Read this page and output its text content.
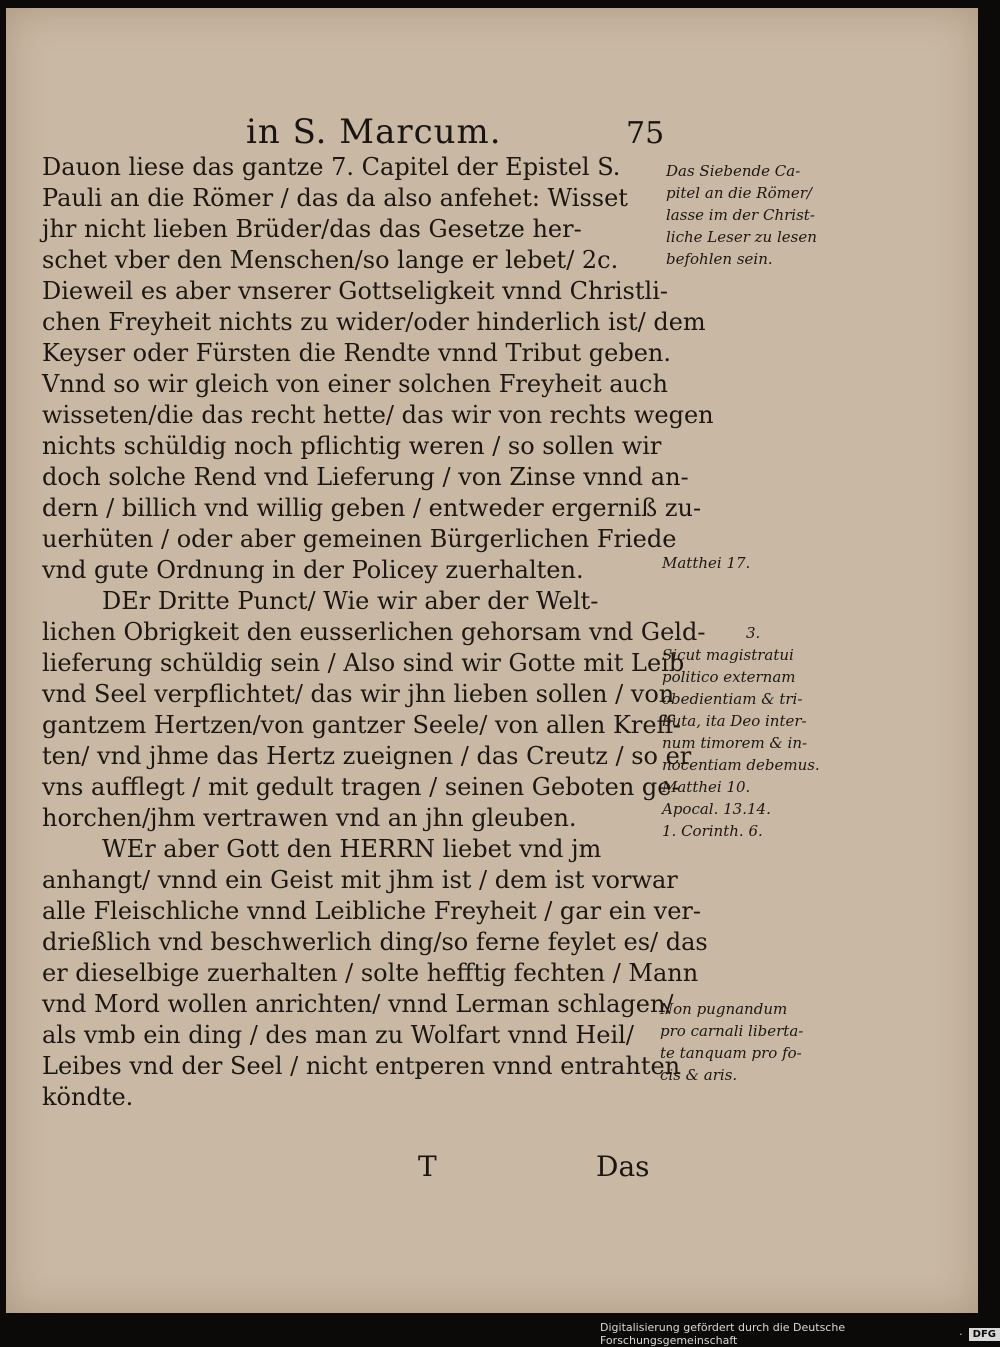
in S. Marcum.	75
Dauon liese das gantze 7. Capitel der Epistel S.
Pauli an die Römer / das da also anfehet: Wisset
jhr nicht lieben Brüder/das das Gesetze her-
schet vber den Menschen/so lange er lebet/ 2c.
Dieweil es aber vnserer Gottseligkeit vnnd Christli-
chen Freyheit nichts zu wider/oder hinderlich ist/ dem
Keyser oder Fürsten die Rendte vnnd Tribut geben.
Vnnd so wir gleich von einer solchen Freyheit auch
wisseten/die das recht hette/ das wir von rechts wegen
nichts schüldig noch pflichtig weren / so sollen wir
doch solche Rend vnd Lieferung / von Zinse vnnd an-
dern / billich vnd willig geben / entweder ergerniß zu-
uerhüten / oder aber gemeinen Bürgerlichen Friede
vnd gute Ordnung in der Policey zuerhalten.
DEr Dritte Punct/ Wie wir aber der Welt-
lichen Obrigkeit den eusserlichen gehorsam vnd Geld-
lieferung schüldig sein / Also sind wir Gotte mit Leib
vnd Seel verpflichtet/ das wir jhn lieben sollen / von
gantzem Hertzen/von gantzer Seele/ von allen Kreff-
ten/ vnd jhme das Hertz zueignen / das Creutz / so er
vns aufflegt / mit gedult tragen / seinen Geboten ge-
horchen/jhm vertrawen vnd an jhn gleuben.
WEr aber Gott den HERRN liebet vnd jm
anhangt/ vnnd ein Geist mit jhm ist / dem ist vorwar
alle Fleischliche vnnd Leibliche Freyheit / gar ein ver-
drießlich vnd beschwerlich ding/so ferne feylet es/ das
er dieselbige zuerhalten / solte hefftig fechten / Mann
vnd Mord wollen anrichten/ vnnd Lerman schlagen/
als vmb ein ding / des man zu Wolfart vnnd Heil/
Leibes vnd der Seel / nicht entperen vnnd entrahten
köndte.
Das Siebende Ca-
pitel an die Römer/
lasse im der Christ-
liche Leser zu lesen
befohlen sein.
Matthei 17.
3.
Sicut magistratui
politico externam
obedientiam & tri-
buta, ita Deo inter-
num timorem & in-
nocentiam debemus.
Matthei 10.
Apocal. 13.14.
1. Corinth. 6.
Non pugnandum
pro carnali liberta-
te tanquam pro fo-
cis & aris.
T	Das
Digitalisierung gefördert durch die Deutsche Forschungsgemeinschaft	·	DFG
